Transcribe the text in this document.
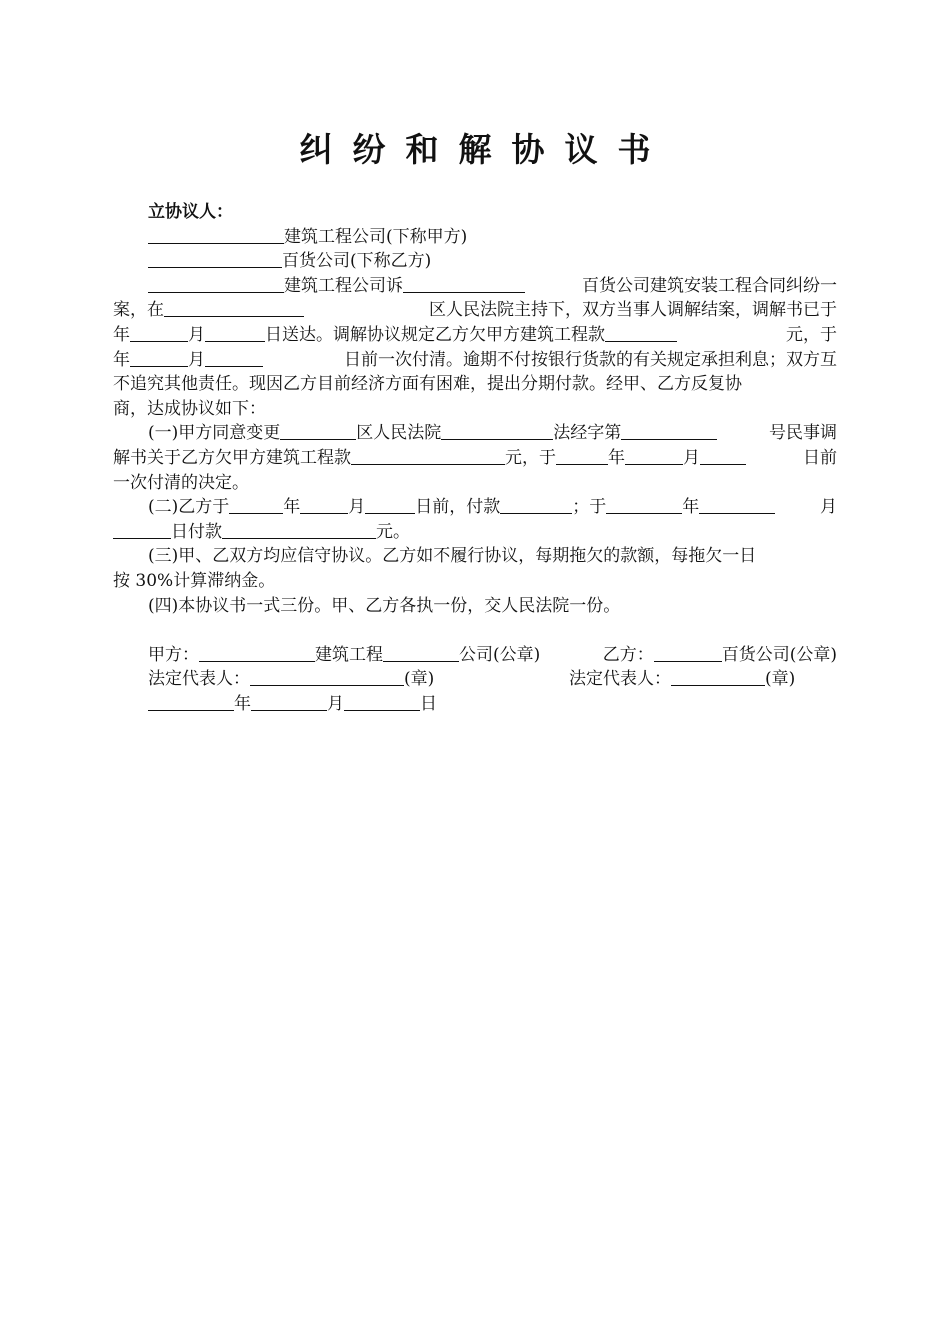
纠 纷 和 解 协 议 书
立协议人：
建筑工程公司(下称甲方)
百货公司(下称乙方)
建筑工程公司诉	百货公司建筑安装工程合同纠纷一
案，在	区人民法院主持下，双方当事人调解结案，调解书已于
年	月	日送达。调解协议规定乙方欠甲方建筑工程款	元，于
年	月	日前一次付清。逾期不付按银行货款的有关规定承担利息；双方互
不追究其他责任。现因乙方目前经济方面有困难，提出分期付款。经甲、乙方反复协
商，达成协议如下：
(一)甲方同意变更	区人民法院	法经字第	号民事调
解书关于乙方欠甲方建筑工程款	元，于	年	月	日前
一次付清的决定。
(二)乙方于	年	月	日前，付款	；于	年	月
日付款	元。
(三)甲、乙双方均应信守协议。乙方如不履行协议，每期拖欠的款额，每拖欠一日
按 30%计算滞纳金。
(四)本协议书一式三份。甲、乙方各执一份，交人民法院一份。
甲方：	建筑工程	公司(公章)	乙方：	百货公司(公章)
法定代表人：	(章)	法定代表人：	(章)
年	月	日
